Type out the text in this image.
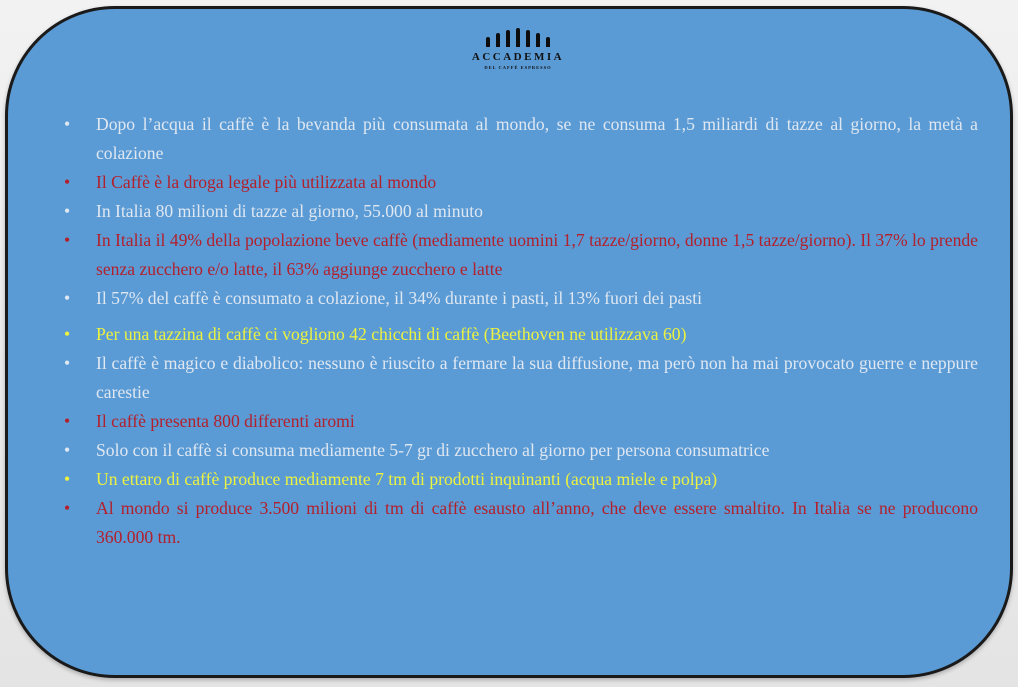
ACCADEMIA
DEL CAFFÈ ESPRESSO
• Dopo l’acqua il caffè è la bevanda più consumata al mondo, se ne consuma 1,5 miliardi di tazze al giorno, la metà a colazione
• Il Caffè è la droga legale più utilizzata al mondo
• In Italia 80 milioni di tazze al giorno, 55.000 al minuto
• In Italia il 49% della popolazione beve caffè (mediamente uomini 1,7 tazze/giorno, donne 1,5 tazze/giorno). Il 37% lo prende senza zucchero e/o latte, il 63% aggiunge zucchero e latte
• Il 57% del caffè è consumato a colazione, il 34% durante i pasti, il 13% fuori dei pasti
• Per una tazzina di caffè ci vogliono 42 chicchi di caffè (Beethoven ne utilizzava 60)
• Il caffè è magico e diabolico: nessuno è riuscito a fermare la sua diffusione, ma però non ha mai provocato guerre e neppure carestie
• Il caffè presenta 800 differenti aromi
• Solo con il caffè si consuma mediamente 5-7 gr di zucchero al giorno per persona consumatrice
• Un ettaro di caffè produce mediamente 7 tm di prodotti inquinanti (acqua miele e polpa)
• Al mondo si produce 3.500 milioni di tm di caffè esausto all’anno, che deve essere smaltito. In Italia se ne producono 360.000 tm.
